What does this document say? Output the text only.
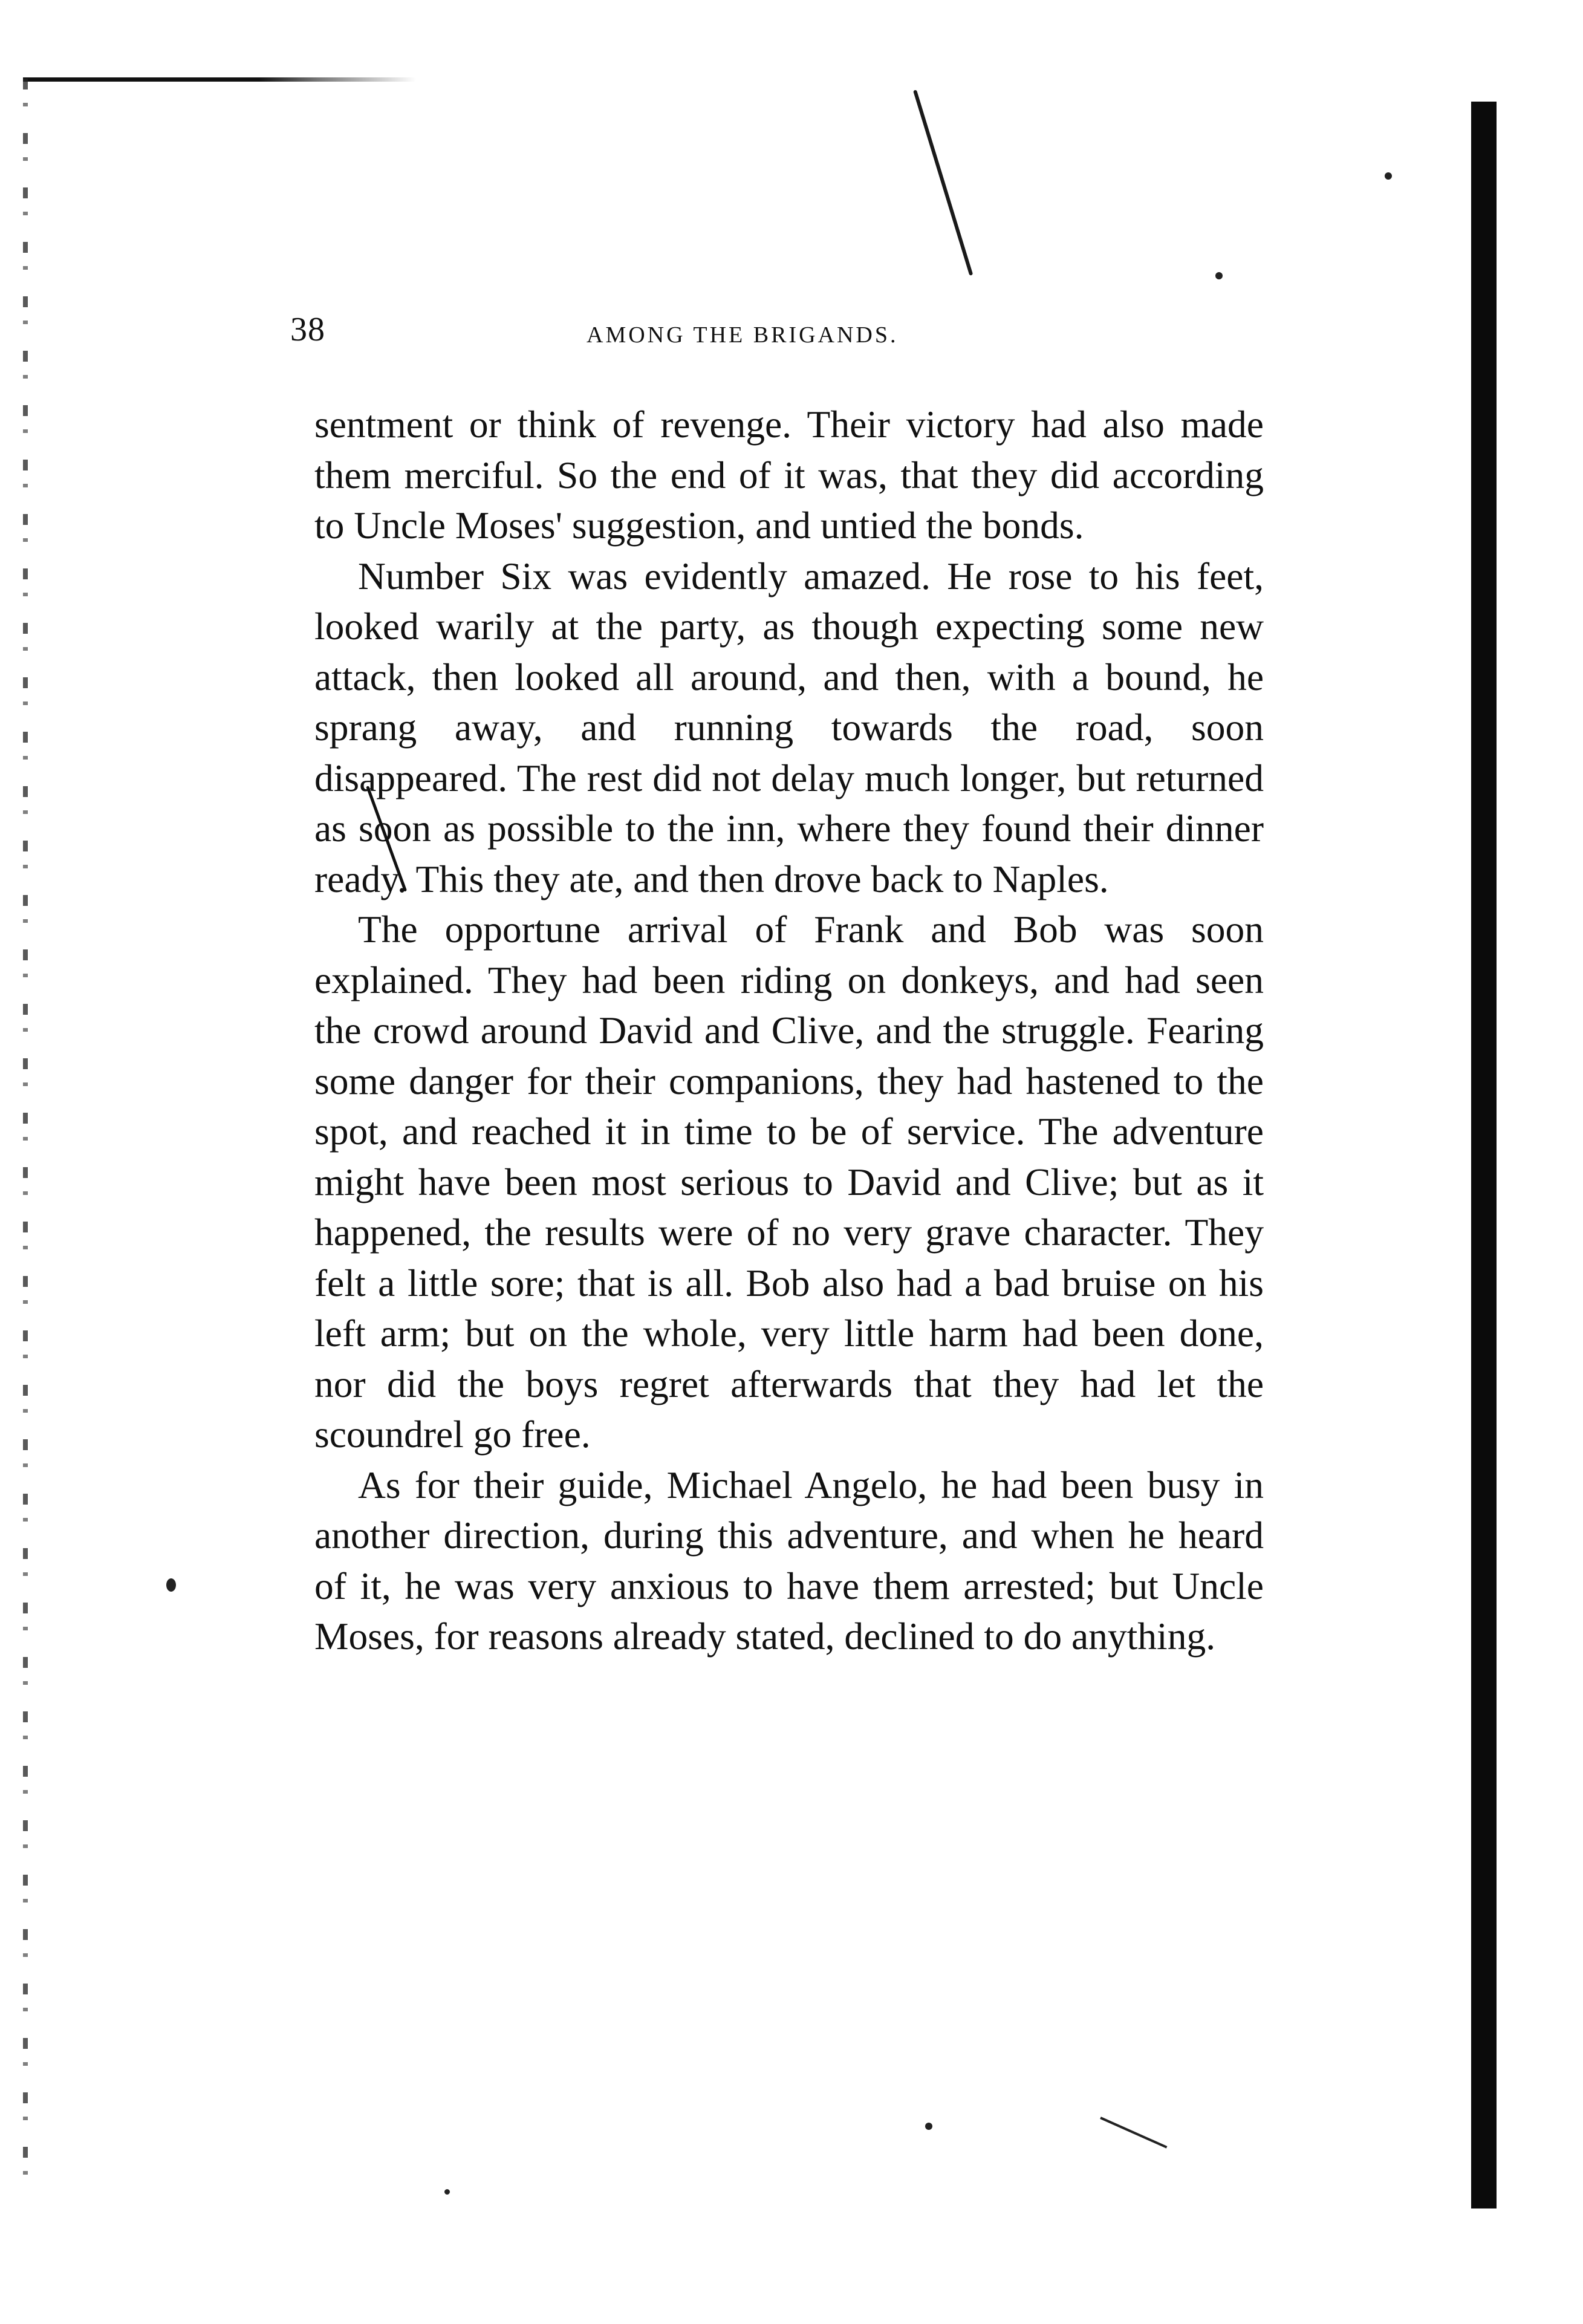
38	AMONG THE BRIGANDS.

sentment or think of revenge. Their victory had also made them merciful. So the end of it was, that they did according to Uncle Moses' suggestion, and untied the bonds.

Number Six was evidently amazed. He rose to his feet, looked warily at the party, as though expecting some new attack, then looked all around, and then, with a bound, he sprang away, and running towards the road, soon disappeared. The rest did not delay much longer, but returned as soon as possible to the inn, where they found their dinner ready. This they ate, and then drove back to Naples.

The opportune arrival of Frank and Bob was soon explained. They had been riding on donkeys, and had seen the crowd around David and Clive, and the struggle. Fearing some danger for their companions, they had hastened to the spot, and reached it in time to be of service. The adventure might have been most serious to David and Clive; but as it happened, the results were of no very grave character. They felt a little sore; that is all. Bob also had a bad bruise on his left arm; but on the whole, very little harm had been done, nor did the boys regret afterwards that they had let the scoundrel go free.

As for their guide, Michael Angelo, he had been busy in another direction, during this adventure, and when he heard of it, he was very anxious to have them arrested; but Uncle Moses, for reasons already stated, declined to do anything.
